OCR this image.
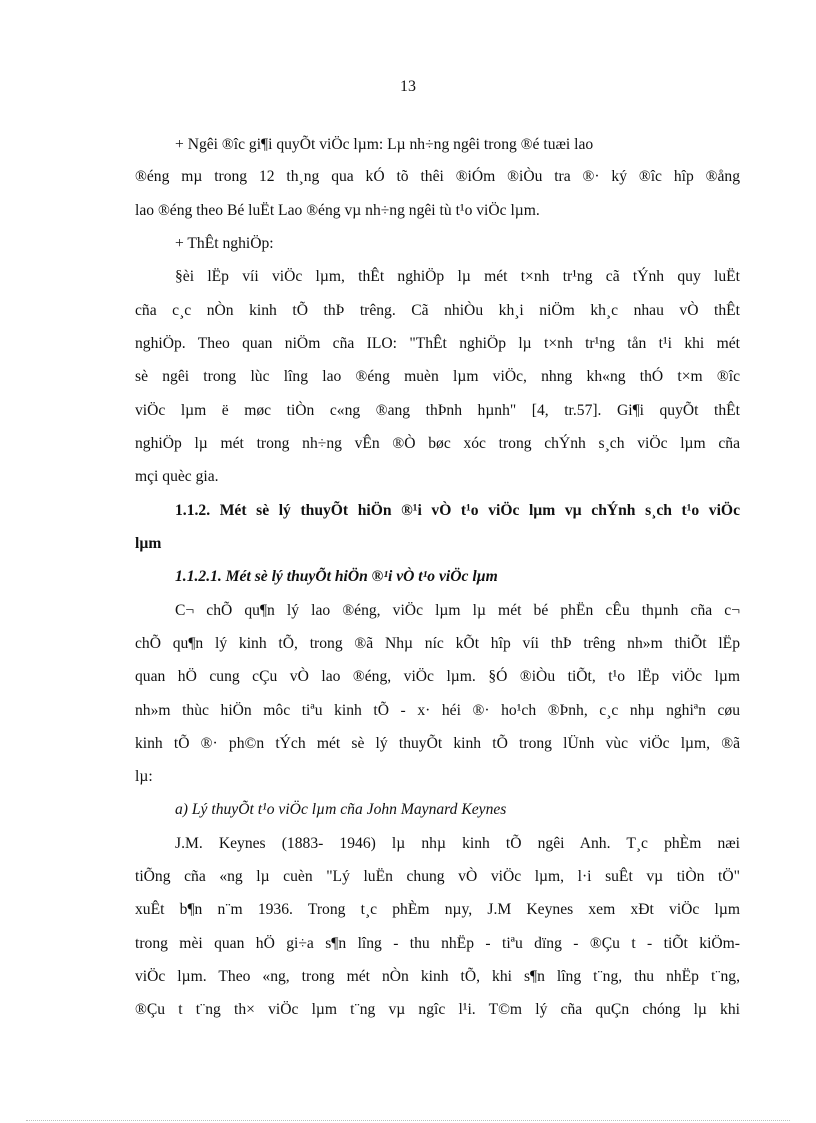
13
+ Ngêi ®îc gi¶i quyÕt viÖc lµm: Lµ nh÷ng ngêi trong ®é tuæi lao
®éng mµ trong 12 th¸ng qua kÓ tõ thêi ®iÓm ®iÒu tra ®· ký ®îc hîp ®ång
lao ®éng theo Bé luËt Lao ®éng vµ nh÷ng ngêi tù t¹o viÖc lµm.
+ ThÊt nghiÖp:
§èi lËp víi viÖc lµm, thÊt nghiÖp lµ mét t×nh tr¹ng cã tÝnh quy luËt
cña c¸c nÒn kinh tÕ thÞ trêng. Cã nhiÒu kh¸i niÖm kh¸c nhau vÒ thÊt
nghiÖp. Theo quan niÖm cña ILO: "ThÊt nghiÖp lµ t×nh tr¹ng tån t¹i khi mét
sè ngêi trong lùc lîng lao ®éng muèn lµm viÖc, nhng kh«ng thÓ t×m ®îc
viÖc lµm ë møc tiÒn c«ng ®ang thÞnh hµnh" [4, tr.57]. Gi¶i quyÕt thÊt
nghiÖp lµ mét trong nh÷ng vÊn ®Ò bøc xóc trong chÝnh s¸ch viÖc lµm cña
mçi quèc gia.
1.1.2. Mét sè lý thuyÕt hiÖn ®¹i vÒ t¹o viÖc lµm vµ chÝnh s¸ch t¹o viÖc
lµm
1.1.2.1. Mét sè lý thuyÕt hiÖn ®¹i vÒ t¹o viÖc lµm
C¬ chÕ qu¶n lý lao ®éng, viÖc lµm lµ mét bé phËn cÊu thµnh cña c¬
chÕ qu¶n lý kinh tÕ, trong ®ã Nhµ níc kÕt hîp víi thÞ trêng nh»m thiÕt lËp
quan hÖ cung cÇu vÒ lao ®éng, viÖc lµm. §Ó ®iÒu tiÕt, t¹o lËp viÖc lµm
nh»m thùc hiÖn môc tiªu kinh tÕ - x· héi ®· ho¹ch ®Þnh, c¸c nhµ nghiªn cøu
kinh tÕ ®· ph©n tÝch mét sè lý thuyÕt kinh tÕ trong lÜnh vùc viÖc lµm, ®ã
lµ:
a) Lý thuyÕt t¹o viÖc lµm cña John Maynard Keynes
J.M. Keynes (1883- 1946) lµ nhµ kinh tÕ ngêi Anh. T¸c phÈm næi
tiÕng cña «ng lµ cuèn "Lý luËn chung vÒ viÖc lµm, l·i suÊt vµ tiÒn tÖ"
xuÊt b¶n n¨m 1936. Trong t¸c phÈm nµy, J.M Keynes xem xÐt viÖc lµm
trong mèi quan hÖ gi÷a s¶n lîng - thu nhËp - tiªu dïng - ®Çu t - tiÕt kiÖm-
viÖc lµm. Theo «ng, trong mét nÒn kinh tÕ, khi s¶n lîng t¨ng, thu nhËp t¨ng,
®Çu t t¨ng th× viÖc lµm t¨ng vµ ngîc l¹i. T©m lý cña quÇn chóng lµ khi
